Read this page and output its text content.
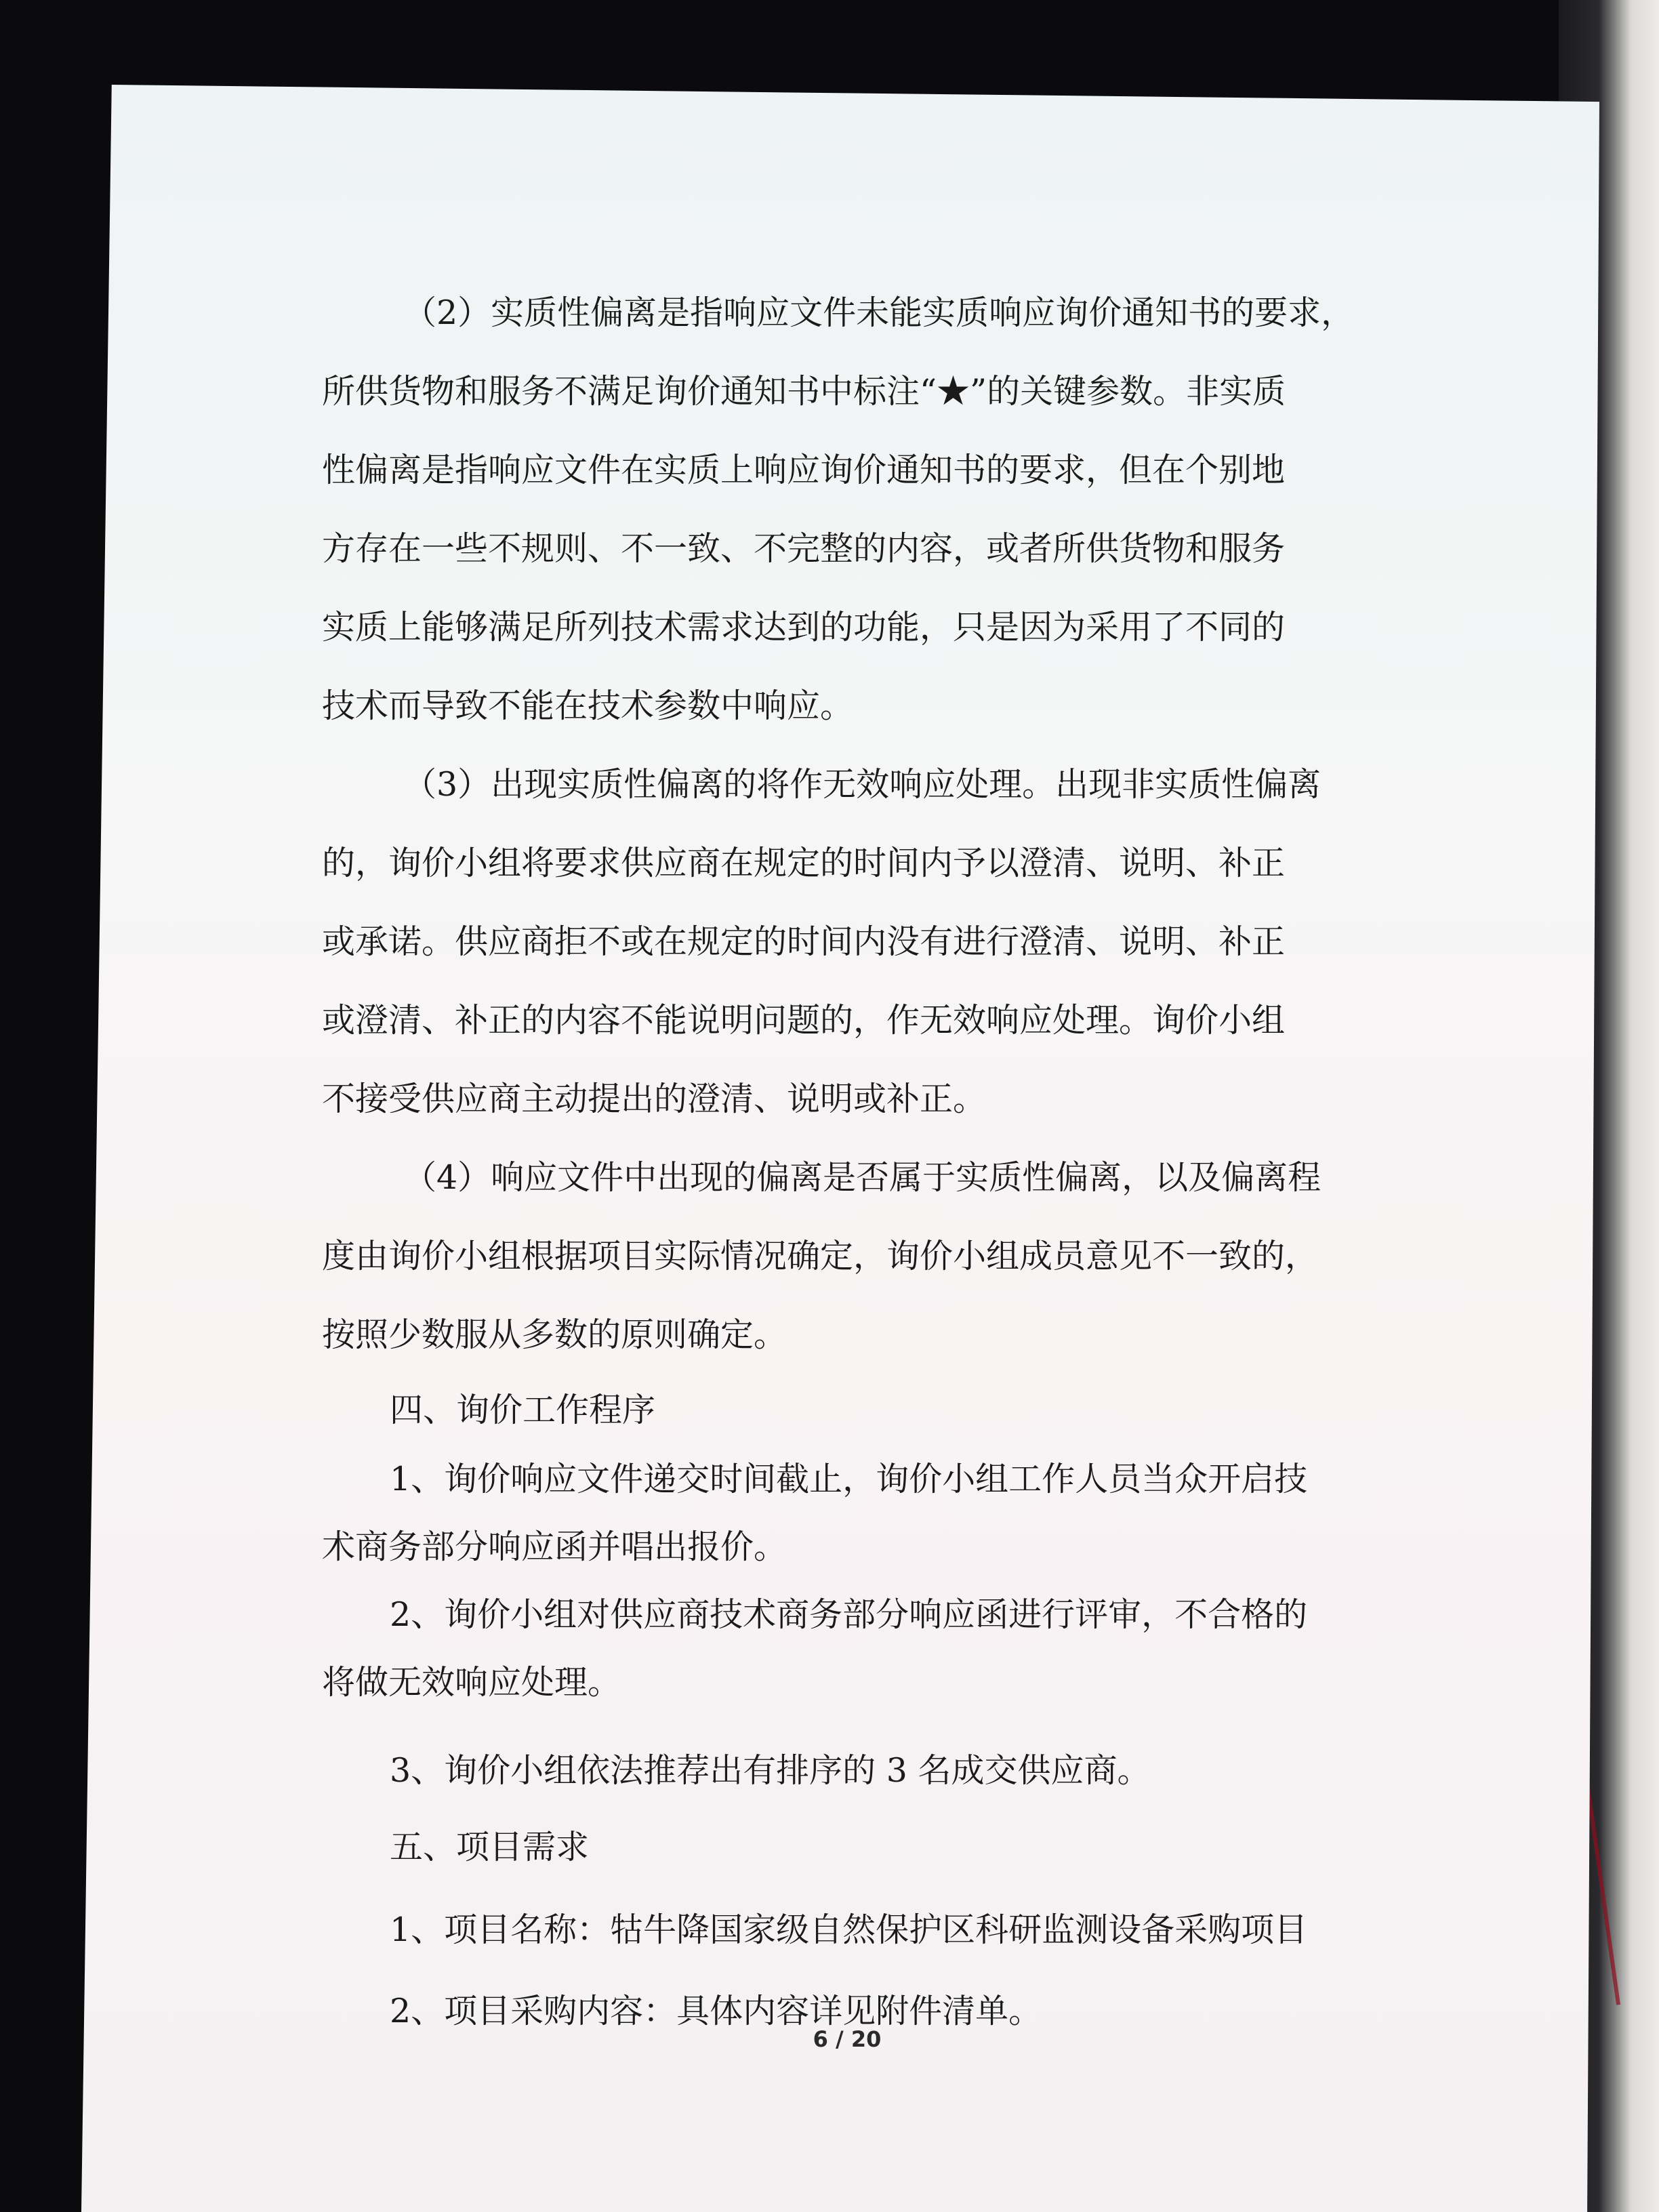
（2）实质性偏离是指响应文件未能实质响应询价通知书的要求，
所供货物和服务不满足询价通知书中标注“★”的关键参数。非实质
性偏离是指响应文件在实质上响应询价通知书的要求，但在个别地
方存在一些不规则、不一致、不完整的内容，或者所供货物和服务
实质上能够满足所列技术需求达到的功能，只是因为采用了不同的
技术而导致不能在技术参数中响应。
（3）出现实质性偏离的将作无效响应处理。出现非实质性偏离
的，询价小组将要求供应商在规定的时间内予以澄清、说明、补正
或承诺。供应商拒不或在规定的时间内没有进行澄清、说明、补正
或澄清、补正的内容不能说明问题的，作无效响应处理。询价小组
不接受供应商主动提出的澄清、说明或补正。
（4）响应文件中出现的偏离是否属于实质性偏离，以及偏离程
度由询价小组根据项目实际情况确定，询价小组成员意见不一致的，
按照少数服从多数的原则确定。
四、询价工作程序
1、询价响应文件递交时间截止，询价小组工作人员当众开启技
术商务部分响应函并唱出报价。
2、询价小组对供应商技术商务部分响应函进行评审，不合格的
将做无效响应处理。
3、询价小组依法推荐出有排序的 3 名成交供应商。
五、项目需求
1、项目名称：牯牛降国家级自然保护区科研监测设备采购项目
2、项目采购内容：具体内容详见附件清单。
6 / 20
